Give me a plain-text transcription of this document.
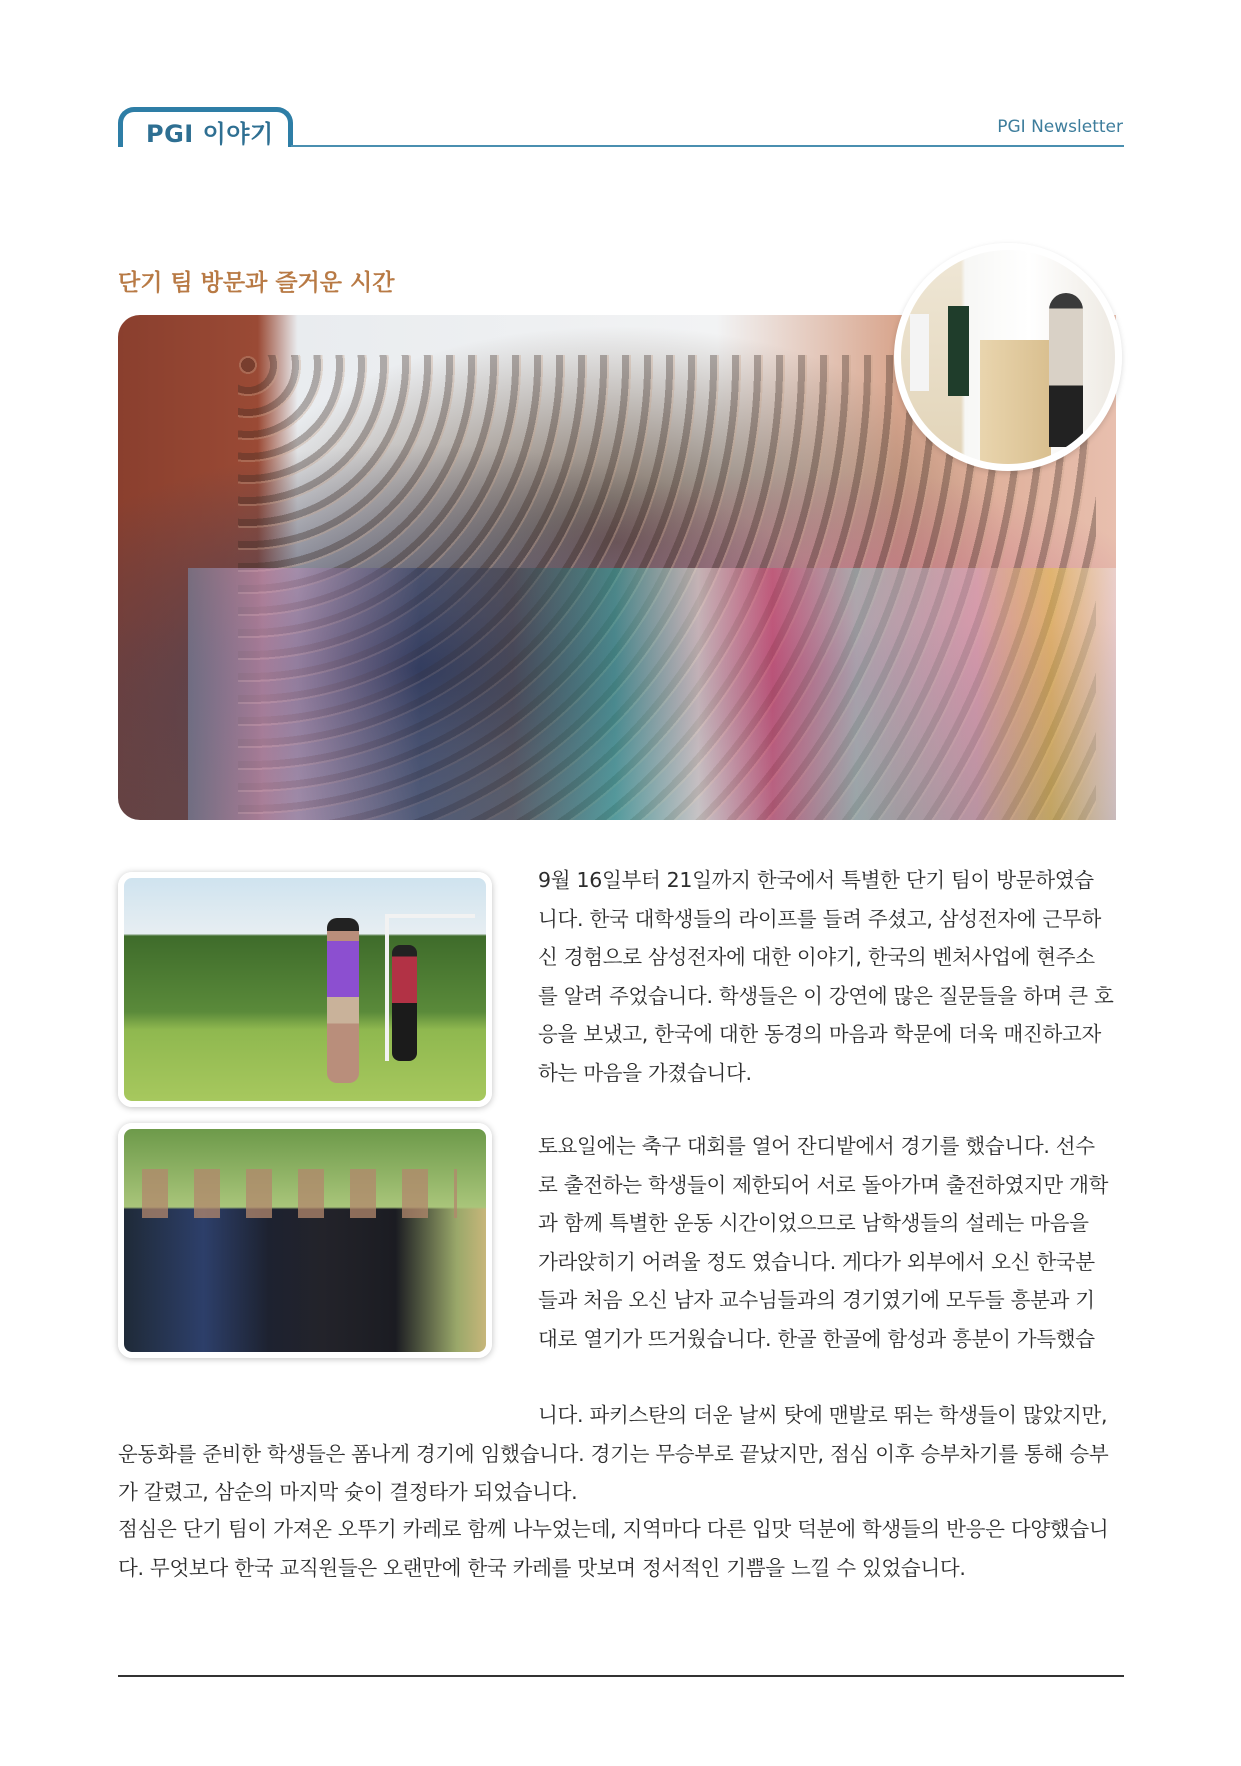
PGI 이야기	PGI Newsletter
단기 팀 방문과 즐거운 시간

9월 16일부터 21일까지 한국에서 특별한 단기 팀이 방문하였습
니다. 한국 대학생들의 라이프를 들려 주셨고, 삼성전자에 근무하
신 경험으로 삼성전자에 대한 이야기, 한국의 벤처사업에 현주소
를 알려 주었습니다. 학생들은 이 강연에 많은 질문들을 하며 큰 호
응을 보냈고, 한국에 대한 동경의 마음과 학문에 더욱 매진하고자
하는 마음을 가졌습니다.

토요일에는 축구 대회를 열어 잔디밭에서 경기를 했습니다. 선수
로 출전하는 학생들이 제한되어 서로 돌아가며 출전하였지만 개학
과 함께 특별한 운동 시간이었으므로 남학생들의 설레는 마음을
가라앉히기 어려울 정도 였습니다. 게다가 외부에서 오신 한국분
들과 처음 오신 남자 교수님들과의 경기였기에 모두들 흥분과 기
대로 열기가 뜨거웠습니다. 한골 한골에 함성과 흥분이 가득했습

니다. 파키스탄의 더운 날씨 탓에 맨발로 뛰는 학생들이 많았지만,
운동화를 준비한 학생들은 폼나게 경기에 임했습니다. 경기는 무승부로 끝났지만, 점심 이후 승부차기를 통해 승부
가 갈렸고, 삼순의 마지막 슛이 결정타가 되었습니다.

점심은 단기 팀이 가져온 오뚜기 카레로 함께 나누었는데, 지역마다 다른 입맛 덕분에 학생들의 반응은 다양했습니
다. 무엇보다 한국 교직원들은 오랜만에 한국 카레를 맛보며 정서적인 기쁨을 느낄 수 있었습니다.
